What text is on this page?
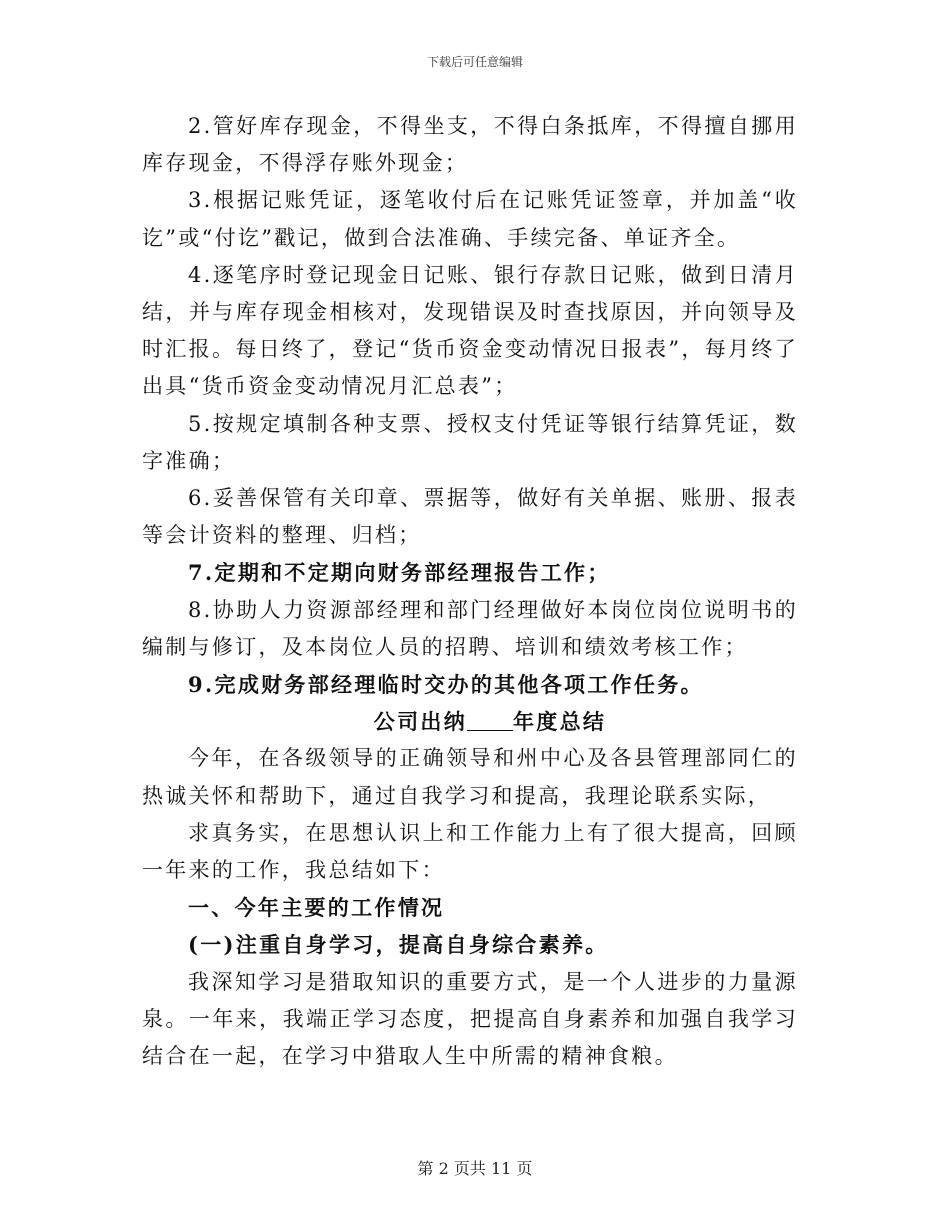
下载后可任意编辑

2.管好库存现金，不得坐支，不得白条抵库，不得擅自挪用库存现金，不得浮存账外现金；

3.根据记账凭证，逐笔收付后在记账凭证签章，并加盖“收讫”或“付讫”戳记，做到合法准确、手续完备、单证齐全。

4.逐笔序时登记现金日记账、银行存款日记账，做到日清月结，并与库存现金相核对，发现错误及时查找原因，并向领导及时汇报。每日终了，登记“货币资金变动情况日报表”，每月终了出具“货币资金变动情况月汇总表”；

5.按规定填制各种支票、授权支付凭证等银行结算凭证，数字准确；

6.妥善保管有关印章、票据等，做好有关单据、账册、报表等会计资料的整理、归档；

7.定期和不定期向财务部经理报告工作；

8.协助人力资源部经理和部门经理做好本岗位岗位说明书的编制与修订，及本岗位人员的招聘、培训和绩效考核工作；

9.完成财务部经理临时交办的其他各项工作任务。

公司出纳 年度总结

今年，在各级领导的正确领导和州中心及各县管理部同仁的热诚关怀和帮助下，通过自我学习和提高，我理论联系实际，

求真务实，在思想认识上和工作能力上有了很大提高，回顾一年来的工作，我总结如下：

一、今年主要的工作情况

(一)注重自身学习，提高自身综合素养。

我深知学习是猎取知识的重要方式，是一个人进步的力量源泉。一年来，我端正学习态度，把提高自身素养和加强自我学习结合在一起，在学习中猎取人生中所需的精神食粮。

第 2 页共 11 页
